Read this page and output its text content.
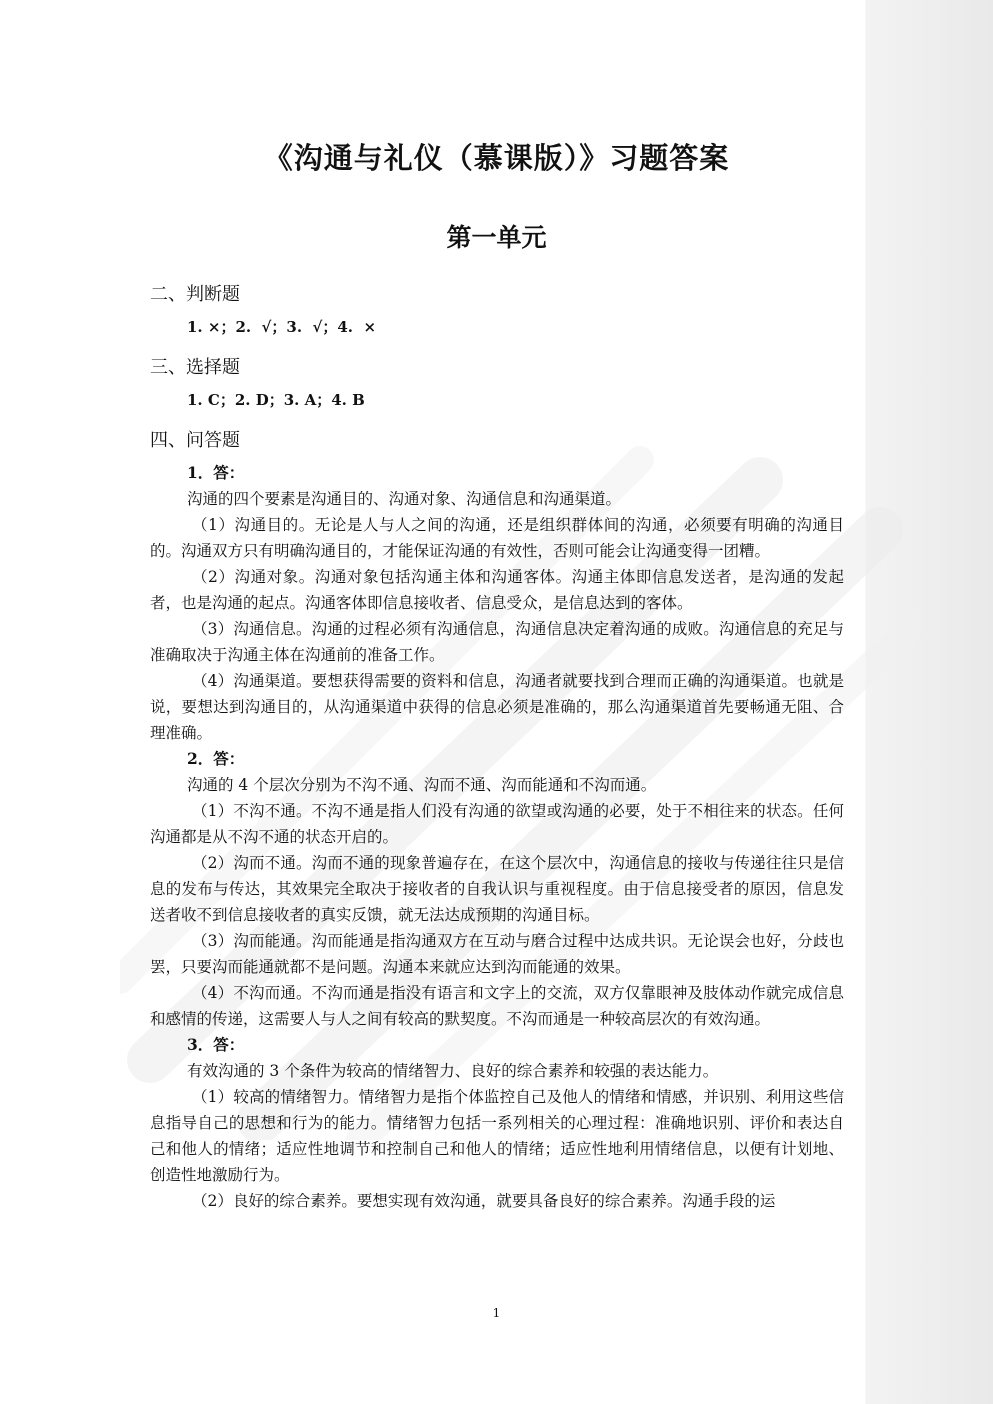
《沟通与礼仪（慕课版）》习题答案
第一单元
二、判断题
1. ×；2.  √；3.  √；4.  ×
三、选择题
1. C；2. D；3. A；4. B
四、问答题

1．答：

沟通的四个要素是沟通目的、沟通对象、沟通信息和沟通渠道。

（1）沟通目的。无论是人与人之间的沟通，还是组织群体间的沟通，必须要有明确的沟通目的。沟通双方只有明确沟通目的，才能保证沟通的有效性，否则可能会让沟通变得一团糟。

（2）沟通对象。沟通对象包括沟通主体和沟通客体。沟通主体即信息发送者，是沟通的发起者，也是沟通的起点。沟通客体即信息接收者、信息受众，是信息达到的客体。

（3）沟通信息。沟通的过程必须有沟通信息，沟通信息决定着沟通的成败。沟通信息的充足与准确取决于沟通主体在沟通前的准备工作。

（4）沟通渠道。要想获得需要的资料和信息，沟通者就要找到合理而正确的沟通渠道。也就是说，要想达到沟通目的，从沟通渠道中获得的信息必须是准确的，那么沟通渠道首先要畅通无阻、合理准确。

2．答：

沟通的 4 个层次分别为不沟不通、沟而不通、沟而能通和不沟而通。

（1）不沟不通。不沟不通是指人们没有沟通的欲望或沟通的必要，处于不相往来的状态。任何沟通都是从不沟不通的状态开启的。

（2）沟而不通。沟而不通的现象普遍存在，在这个层次中，沟通信息的接收与传递往往只是信息的发布与传达，其效果完全取决于接收者的自我认识与重视程度。由于信息接受者的原因，信息发送者收不到信息接收者的真实反馈，就无法达成预期的沟通目标。

（3）沟而能通。沟而能通是指沟通双方在互动与磨合过程中达成共识。无论误会也好，分歧也罢，只要沟而能通就都不是问题。沟通本来就应达到沟而能通的效果。

（4）不沟而通。不沟而通是指没有语言和文字上的交流，双方仅靠眼神及肢体动作就完成信息和感情的传递，这需要人与人之间有较高的默契度。不沟而通是一种较高层次的有效沟通。

3．答：

有效沟通的 3 个条件为较高的情绪智力、良好的综合素养和较强的表达能力。

（1）较高的情绪智力。情绪智力是指个体监控自己及他人的情绪和情感，并识别、利用这些信息指导自己的思想和行为的能力。情绪智力包括一系列相关的心理过程：准确地识别、评价和表达自己和他人的情绪；适应性地调节和控制自己和他人的情绪；适应性地利用情绪信息，以便有计划地、创造性地激励行为。

（2）良好的综合素养。要想实现有效沟通，就要具备良好的综合素养。沟通手段的运

1
